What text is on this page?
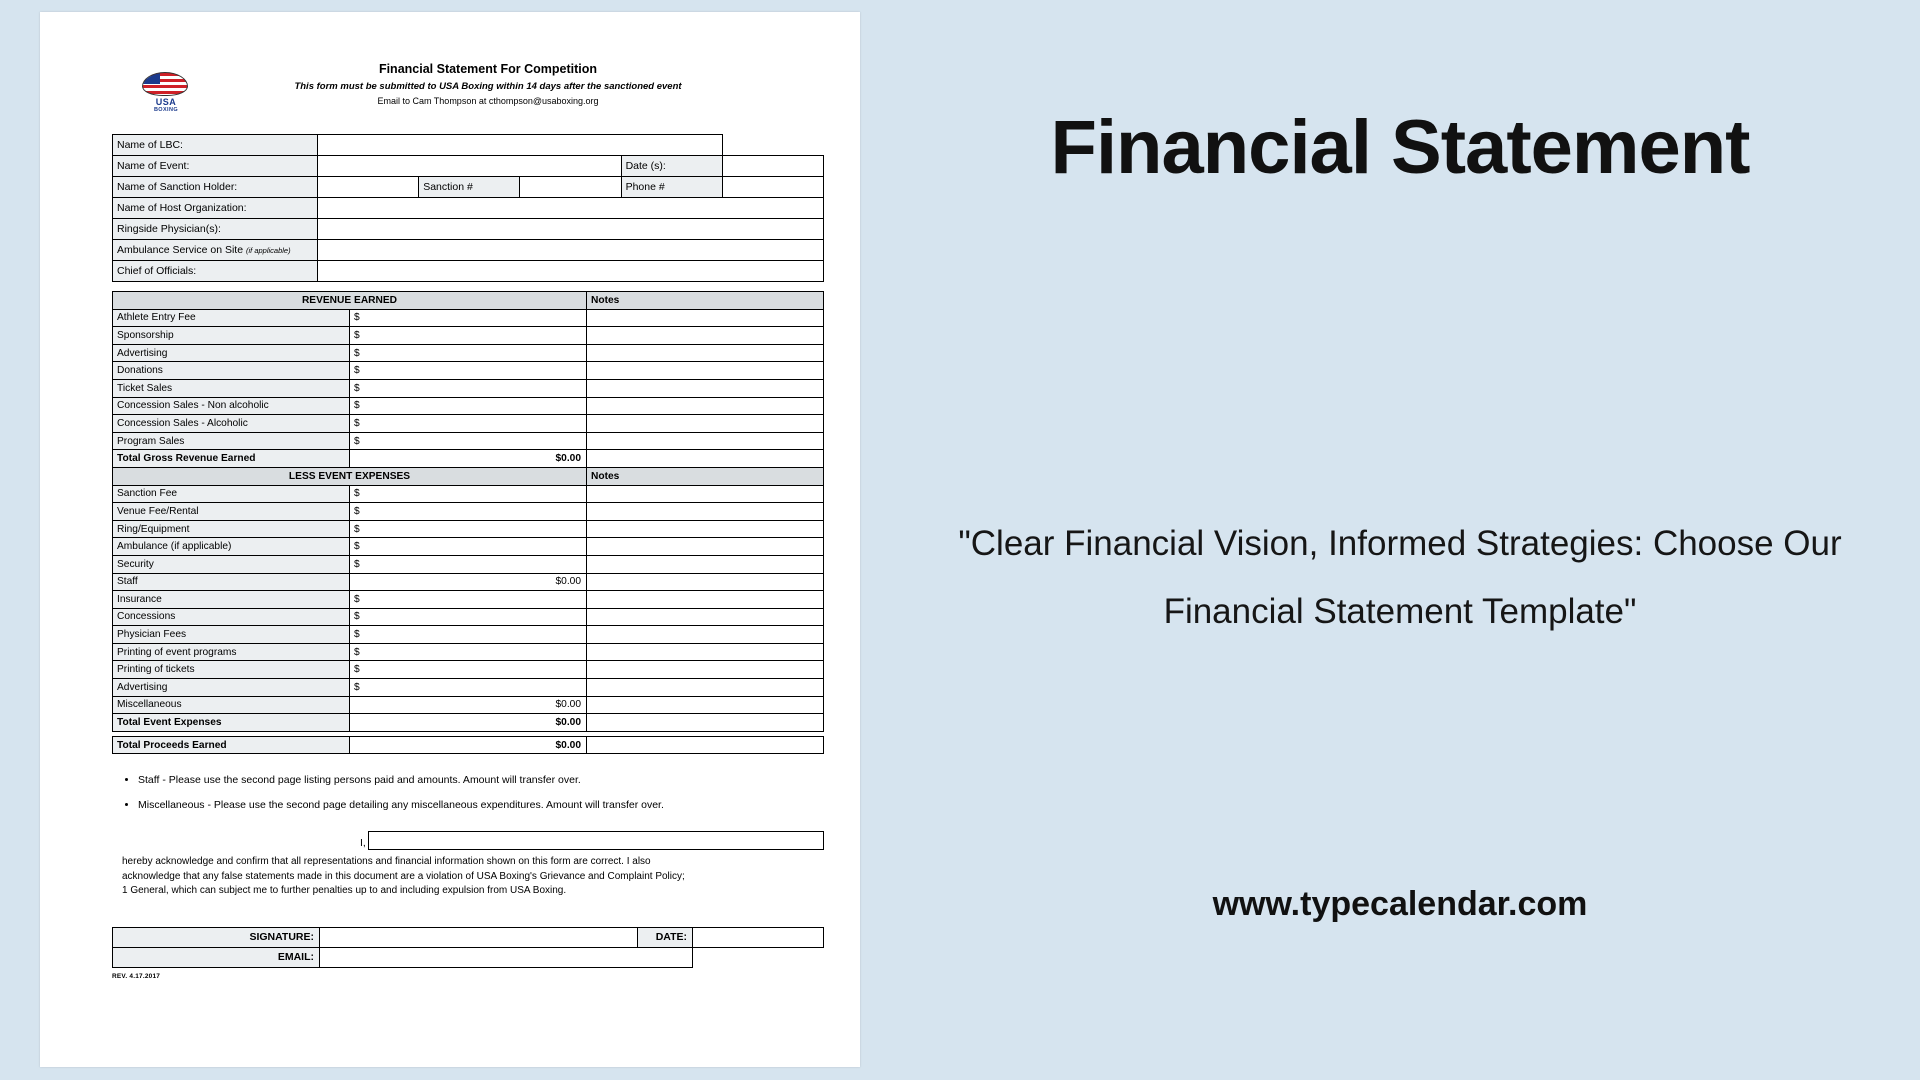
USA
BOXING
Financial Statement For Competition
This form must be submitted to USA Boxing within 14 days after the sanctioned event
Email to Cam Thompson at cthompson@usaboxing.org
Name of LBC:					
Name of Event:				Date (s):	
Name of Sanction Holder:		Sanction #		Phone #	
Name of Host Organization:					
Ringside Physician(s):					
Ambulance Service on Site (if applicable)					
Chief of Officials:					
REVENUE EARNED		Notes
Athlete Entry Fee	$	
Sponsorship	$	
Advertising	$	
Donations	$	
Ticket Sales	$	
Concession Sales - Non alcoholic	$	
Concession Sales - Alcoholic	$	
Program Sales	$	
Total Gross Revenue Earned	$0.00	
LESS EVENT EXPENSES		Notes
Sanction Fee	$	
Venue Fee/Rental	$	
Ring/Equipment	$	
Ambulance (if applicable)	$	
Security	$	
Staff	$0.00	
Insurance	$	
Concessions	$	
Physician Fees	$	
Printing of event programs	$	
Printing of tickets	$	
Advertising	$	
Miscellaneous	$0.00	
Total Event Expenses	$0.00	

Total Proceeds Earned	$0.00	
• Staff - Please use the second page listing persons paid and amounts. Amount will transfer over.
• Miscellaneous - Please use the second page detailing any miscellaneous expenditures. Amount will transfer over.
I,
hereby acknowledge and confirm that all representations and financial information shown on this form are correct. I also
acknowledge that any false statements made in this document are a violation of USA Boxing's Grievance and Complaint Policy;
1 General, which can subject me to further penalties up to and including expulsion from USA Boxing.
SIGNATURE:		DATE:	
EMAIL:			
REV. 4.17.2017
Financial Statement
"Clear Financial Vision, Informed Strategies: Choose Our Financial Statement Template"
www.typecalendar.com
